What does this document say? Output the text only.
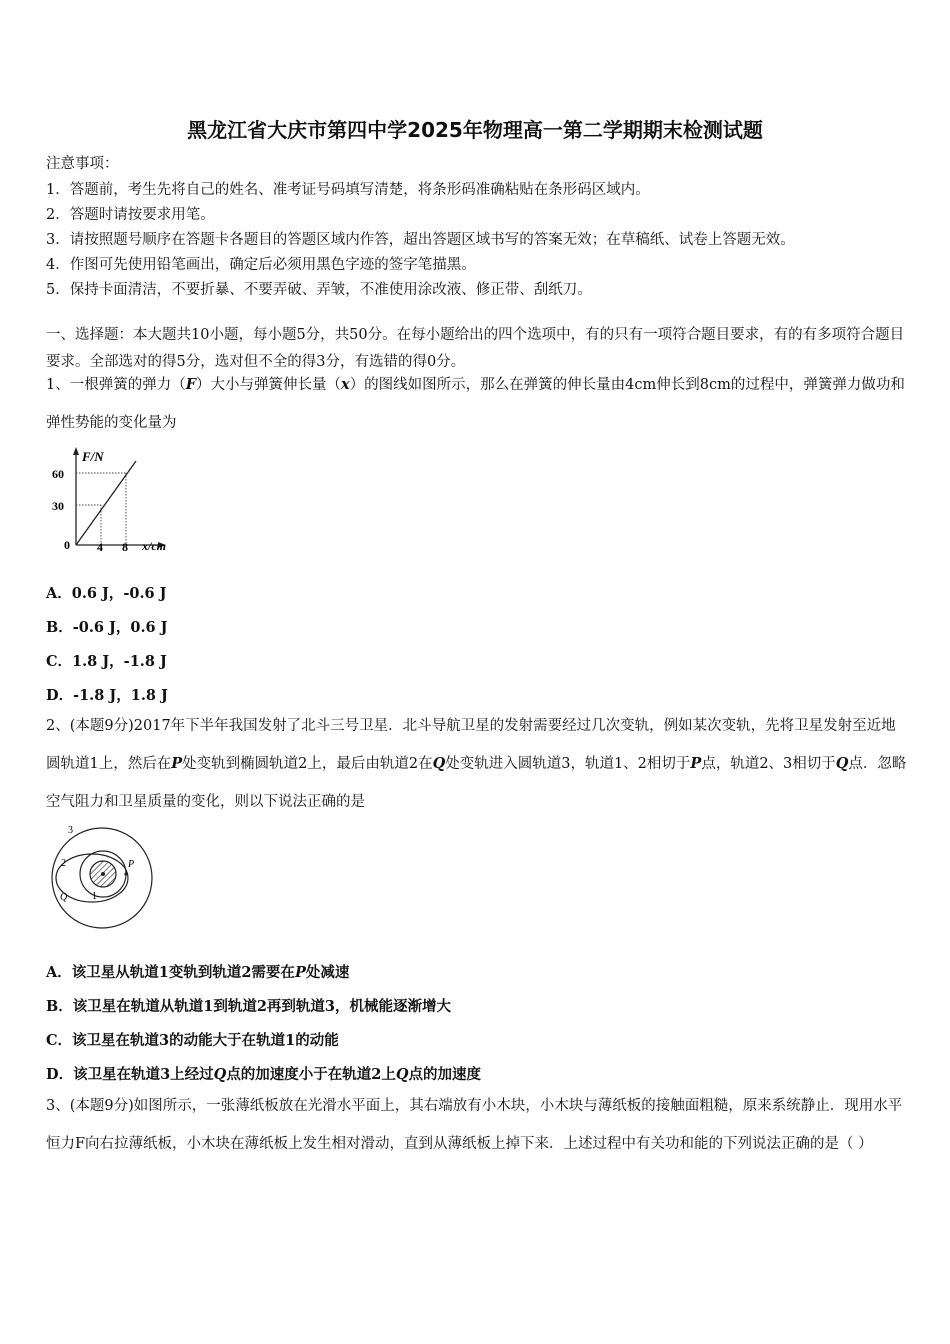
黑龙江省大庆市第四中学2025年物理高一第二学期期末检测试题
注意事项：
1．答题前，考生先将自己的姓名、准考证号码填写清楚，将条形码准确粘贴在条形码区域内。
2．答题时请按要求用笔。
3．请按照题号顺序在答题卡各题目的答题区域内作答，超出答题区域书写的答案无效；在草稿纸、试卷上答题无效。
4．作图可先使用铅笔画出，确定后必须用黑色字迹的签字笔描黑。
5．保持卡面清洁，不要折暴、不要弄破、弄皱，不准使用涂改液、修正带、刮纸刀。
一、选择题：本大题共10小题，每小题5分，共50分。在每小题给出的四个选项中，有的只有一项符合题目要求，有的有多项符合题目要求。全部选对的得5分，选对但不全的得3分，有选错的得0分。
1、一根弹簧的弹力（F）大小与弹簧伸长量（x）的图线如图所示，那么在弹簧的伸长量由4cm伸长到8cm的过程中，弹簧弹力做功和弹性势能的变化量为
F/N
60
30
0 4 8 x/cm
A．0.6 J，-0.6 J
B．-0.6 J，0.6 J
C．1.8 J，-1.8 J
D．-1.8 J，1.8 J
2、(本题9分)2017年下半年我国发射了北斗三号卫星．北斗导航卫星的发射需要经过几次变轨，例如某次变轨，先将卫星发射至近地圆轨道1上，然后在P处变轨到椭圆轨道2上，最后由轨道2在Q处变轨进入圆轨道3，轨道1、2相切于P点，轨道2、3相切于Q点．忽略空气阻力和卫星质量的变化，则以下说法正确的是
3
2
1
P
Q
A．该卫星从轨道1变轨到轨道2需要在P处减速
B．该卫星在轨道从轨道1到轨道2再到轨道3，机械能逐渐增大
C．该卫星在轨道3的动能大于在轨道1的动能
D．该卫星在轨道3上经过Q点的加速度小于在轨道2上Q点的加速度
3、(本题9分)如图所示，一张薄纸板放在光滑水平面上，其右端放有小木块，小木块与薄纸板的接触面粗糙，原来系统静止．现用水平恒力F向右拉薄纸板，小木块在薄纸板上发生相对滑动，直到从薄纸板上掉下来．上述过程中有关功和能的下列说法正确的是（ ）
